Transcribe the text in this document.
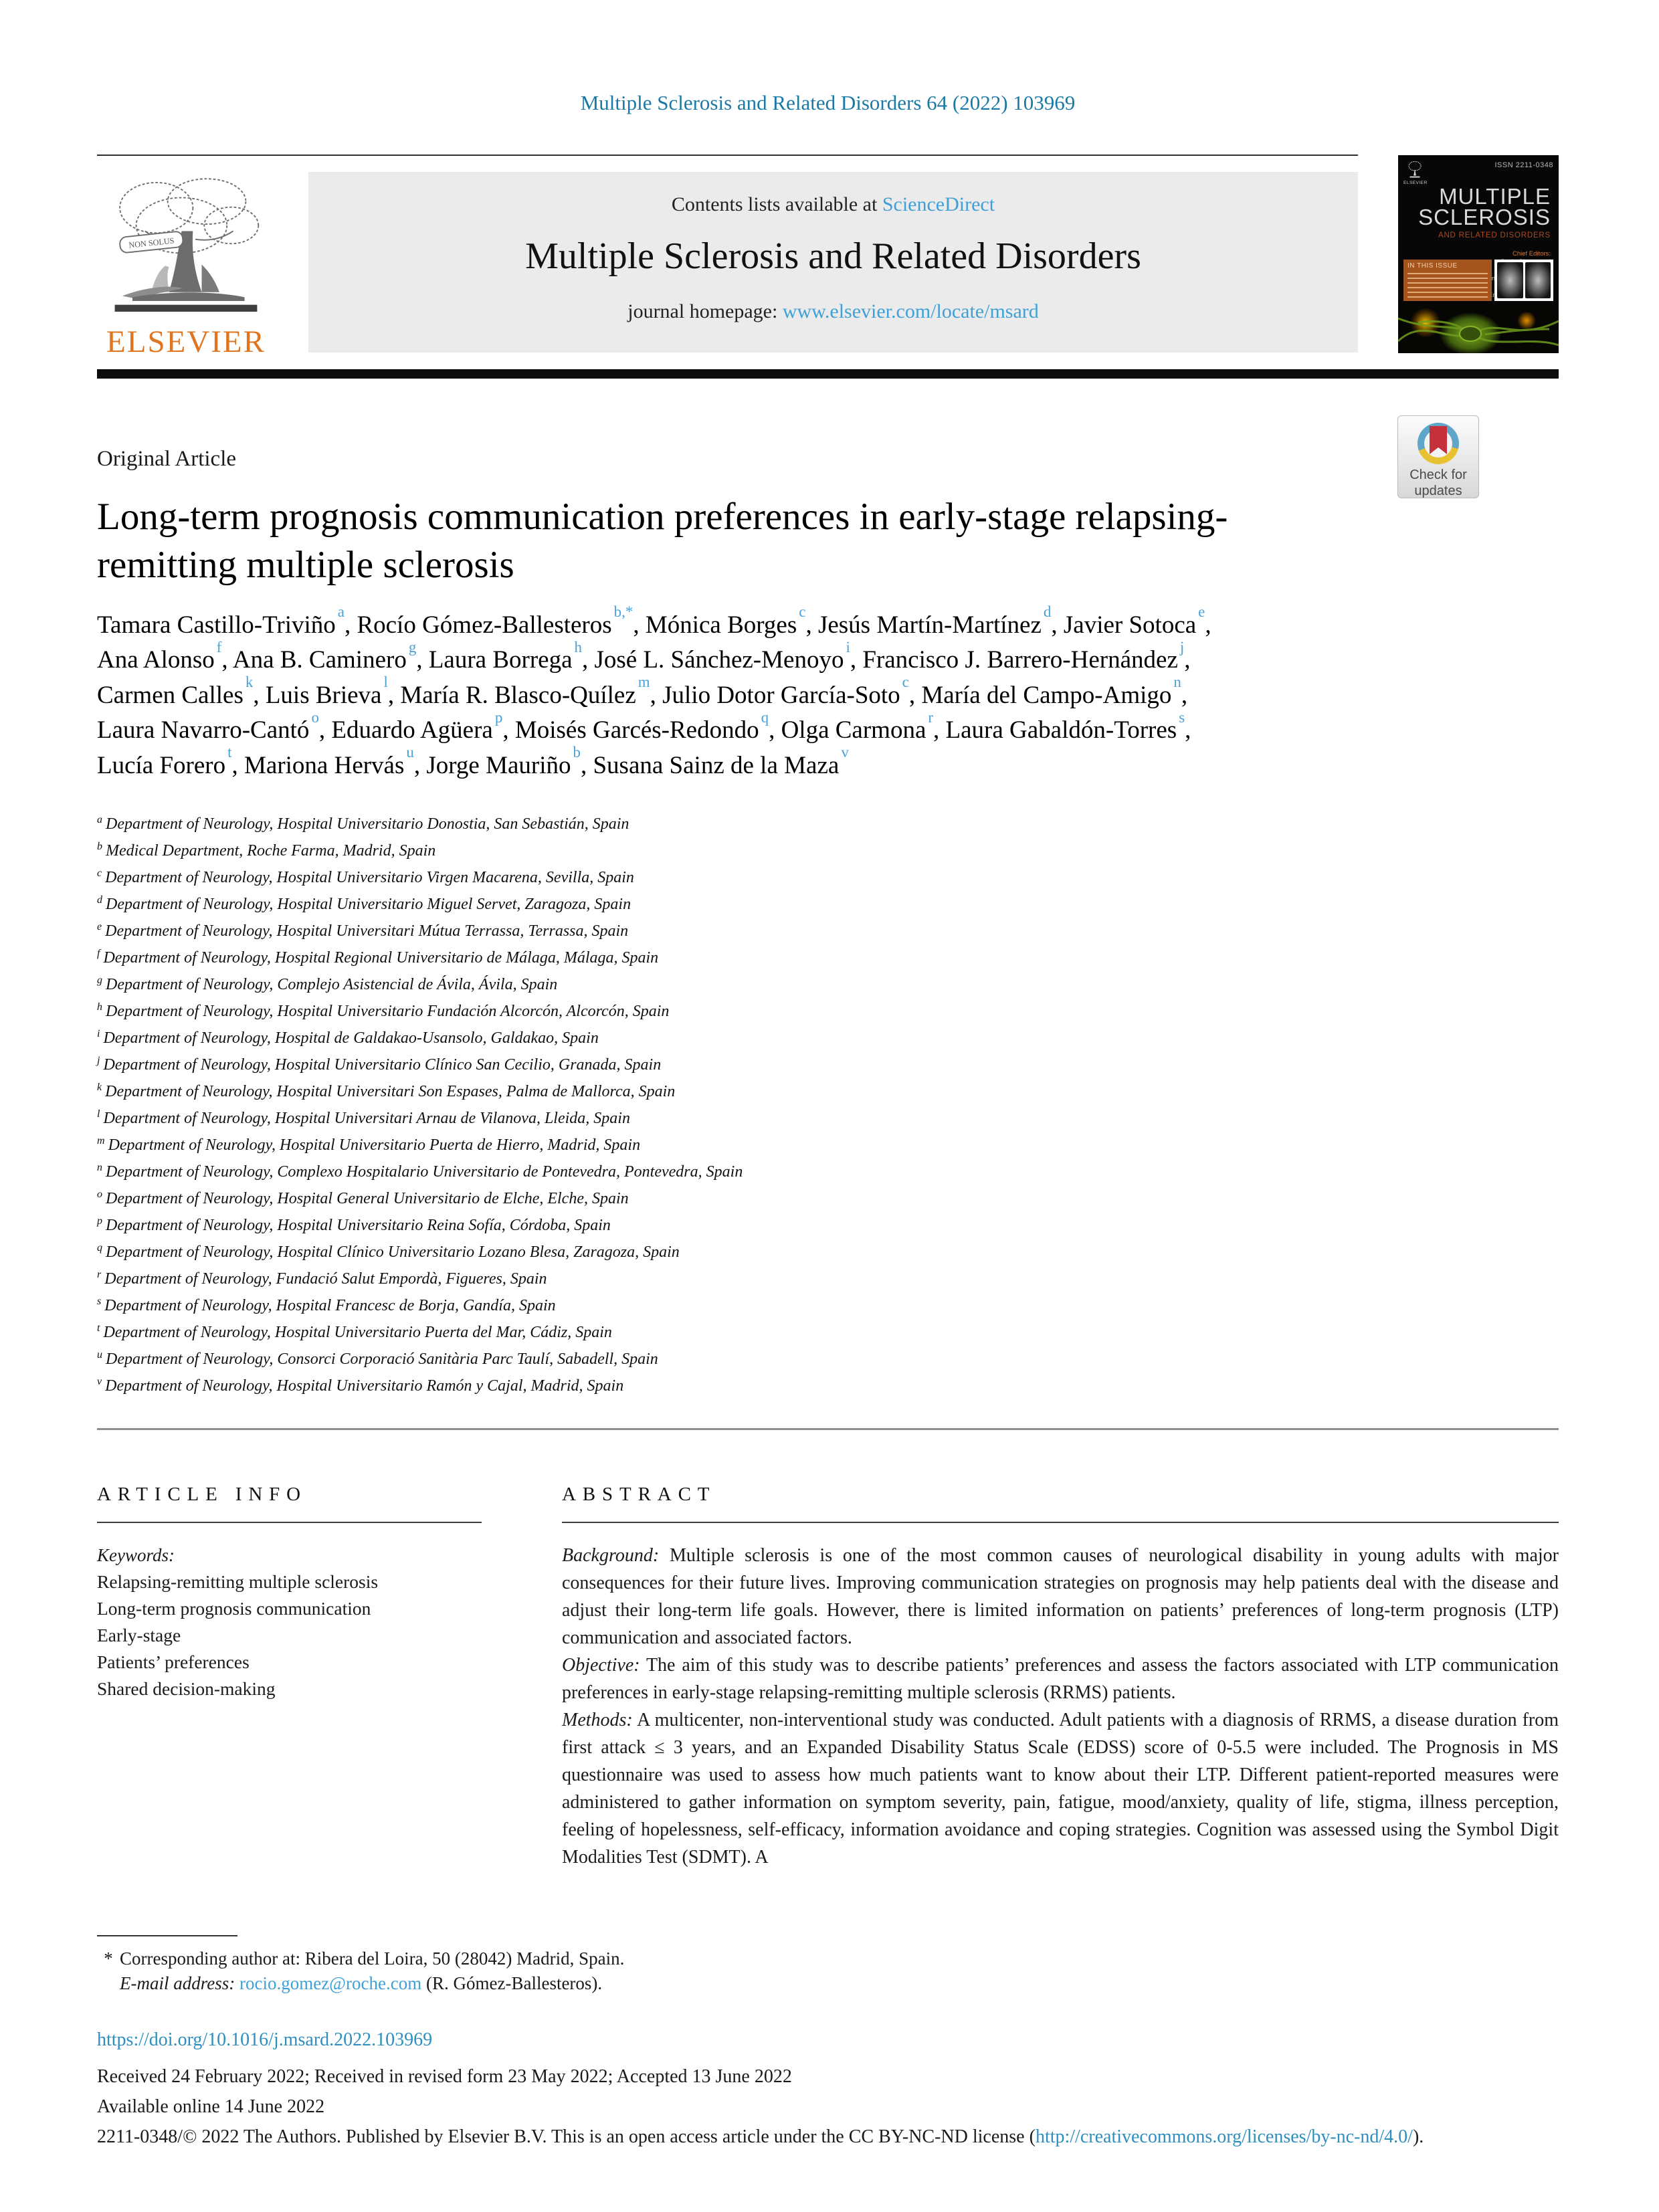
Multiple Sclerosis and Related Disorders 64 (2022) 103969
NON SOLUS
ELSEVIER
Contents lists available at ScienceDirect
Multiple Sclerosis and Related Disorders
journal homepage: www.elsevier.com/locate/msard
ELSEVIER
ISSN 2211-0348
MULTIPLE
SCLEROSIS
AND RELATED DISORDERS
Chief Editors:
IN THIS ISSUE
Check for
updates
Original Article
Long-term prognosis communication preferences in early-stage relapsing-remitting multiple sclerosis
Tamara Castillo-Triviño $^a$, Rocío Gómez-Ballesteros $^{b,*}$, Mónica Borges $^c$, Jesús Martín-Martínez $^d$, Javier Sotoca $^e$, Ana Alonso $^f$, Ana B. Caminero $^g$, Laura Borrega $^h$, José L. Sánchez-Menoyo $^i$, Francisco J. Barrero-Hernández $^j$, Carmen Calles $^k$, Luis Brieva $^l$, María R. Blasco-Quílez $^m$, Julio Dotor García-Soto $^c$, María del Campo-Amigo $^n$, Laura Navarro-Cantó $^o$, Eduardo Agüera $^p$, Moisés Garcés-Redondo $^q$, Olga Carmona $^r$, Laura Gabaldón-Torres $^s$, Lucía Forero $^t$, Mariona Hervás $^u$, Jorge Mauriño $^b$, Susana Sainz de la Maza $^v$
$^a$ Department of Neurology, Hospital Universitario Donostia, San Sebastián, Spain
$^b$ Medical Department, Roche Farma, Madrid, Spain
$^c$ Department of Neurology, Hospital Universitario Virgen Macarena, Sevilla, Spain
$^d$ Department of Neurology, Hospital Universitario Miguel Servet, Zaragoza, Spain
$^e$ Department of Neurology, Hospital Universitari Mútua Terrassa, Terrassa, Spain
$^f$ Department of Neurology, Hospital Regional Universitario de Málaga, Málaga, Spain
$^g$ Department of Neurology, Complejo Asistencial de Ávila, Ávila, Spain
$^h$ Department of Neurology, Hospital Universitario Fundación Alcorcón, Alcorcón, Spain
$^i$ Department of Neurology, Hospital de Galdakao-Usansolo, Galdakao, Spain
$^j$ Department of Neurology, Hospital Universitario Clínico San Cecilio, Granada, Spain
$^k$ Department of Neurology, Hospital Universitari Son Espases, Palma de Mallorca, Spain
$^l$ Department of Neurology, Hospital Universitari Arnau de Vilanova, Lleida, Spain
$^m$ Department of Neurology, Hospital Universitario Puerta de Hierro, Madrid, Spain
$^n$ Department of Neurology, Complexo Hospitalario Universitario de Pontevedra, Pontevedra, Spain
$^o$ Department of Neurology, Hospital General Universitario de Elche, Elche, Spain
$^p$ Department of Neurology, Hospital Universitario Reina Sofía, Córdoba, Spain
$^q$ Department of Neurology, Hospital Clínico Universitario Lozano Blesa, Zaragoza, Spain
$^r$ Department of Neurology, Fundació Salut Empordà, Figueres, Spain
$^s$ Department of Neurology, Hospital Francesc de Borja, Gandía, Spain
$^t$ Department of Neurology, Hospital Universitario Puerta del Mar, Cádiz, Spain
$^u$ Department of Neurology, Consorci Corporació Sanitària Parc Taulí, Sabadell, Spain
$^v$ Department of Neurology, Hospital Universitario Ramón y Cajal, Madrid, Spain
ARTICLE INFO
Keywords:
Relapsing-remitting multiple sclerosis
Long-term prognosis communication
Early-stage
Patients’ preferences
Shared decision-making
ABSTRACT

Background: Multiple sclerosis is one of the most common causes of neurological disability in young adults with major consequences for their future lives. Improving communication strategies on prognosis may help patients deal with the disease and adjust their long-term life goals. However, there is limited information on patients’ preferences of long-term prognosis (LTP) communication and associated factors.

Objective: The aim of this study was to describe patients’ preferences and assess the factors associated with LTP communication preferences in early-stage relapsing-remitting multiple sclerosis (RRMS) patients.

Methods: A multicenter, non-interventional study was conducted. Adult patients with a diagnosis of RRMS, a disease duration from first attack ≤ 3 years, and an Expanded Disability Status Scale (EDSS) score of 0-5.5 were included. The Prognosis in MS questionnaire was used to assess how much patients want to know about their LTP. Different patient-reported measures were administered to gather information on symptom severity, pain, fatigue, mood/anxiety, quality of life, stigma, illness perception, feeling of hopelessness, self-efficacy, information avoidance and coping strategies. Cognition was assessed using the Symbol Digit Modalities Test (SDMT). A

* Corresponding author at: Ribera del Loira, 50 (28042) Madrid, Spain.
E-mail address: rocio.gomez@roche.com (R. Gómez-Ballesteros).
https://doi.org/10.1016/j.msard.2022.103969
Received 24 February 2022; Received in revised form 23 May 2022; Accepted 13 June 2022
Available online 14 June 2022
2211-0348/© 2022 The Authors. Published by Elsevier B.V. This is an open access article under the CC BY-NC-ND license (http://creativecommons.org/licenses/by-nc-nd/4.0/).
